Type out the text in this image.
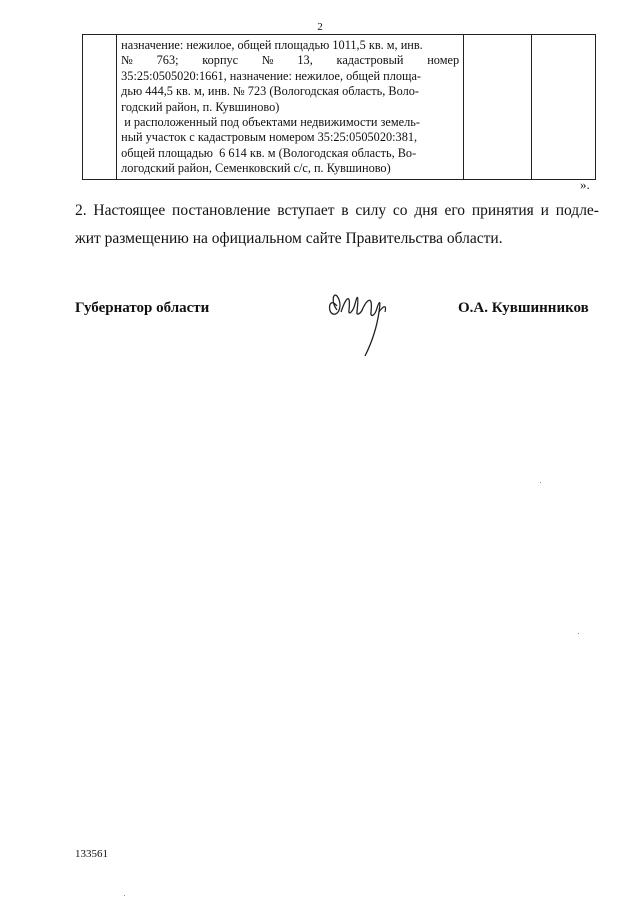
2

назначение: нежилое, общей площадью 1011,5 кв. м, инв.
№ 763; корпус № 13, кадастровый номер
35:25:0505020:1661, назначение: нежилое, общей площа-
дью 444,5 кв. м, инв. № 723 (Вологодская область, Воло-
годский район, п. Кувшиново)
и расположенный под объектами недвижимости земель-
ный участок с кадастровым номером 35:25:0505020:381,
общей площадью  6 614 кв. м (Вологодская область, Во-
логодский район, Семенковский с/с, п. Кувшиново)

».
2. Настоящее постановление вступает в силу со дня его принятия и подле-
жит размещению на официальном сайте Правительства области.
Губернатор области	О.А. Кувшинников
133561
